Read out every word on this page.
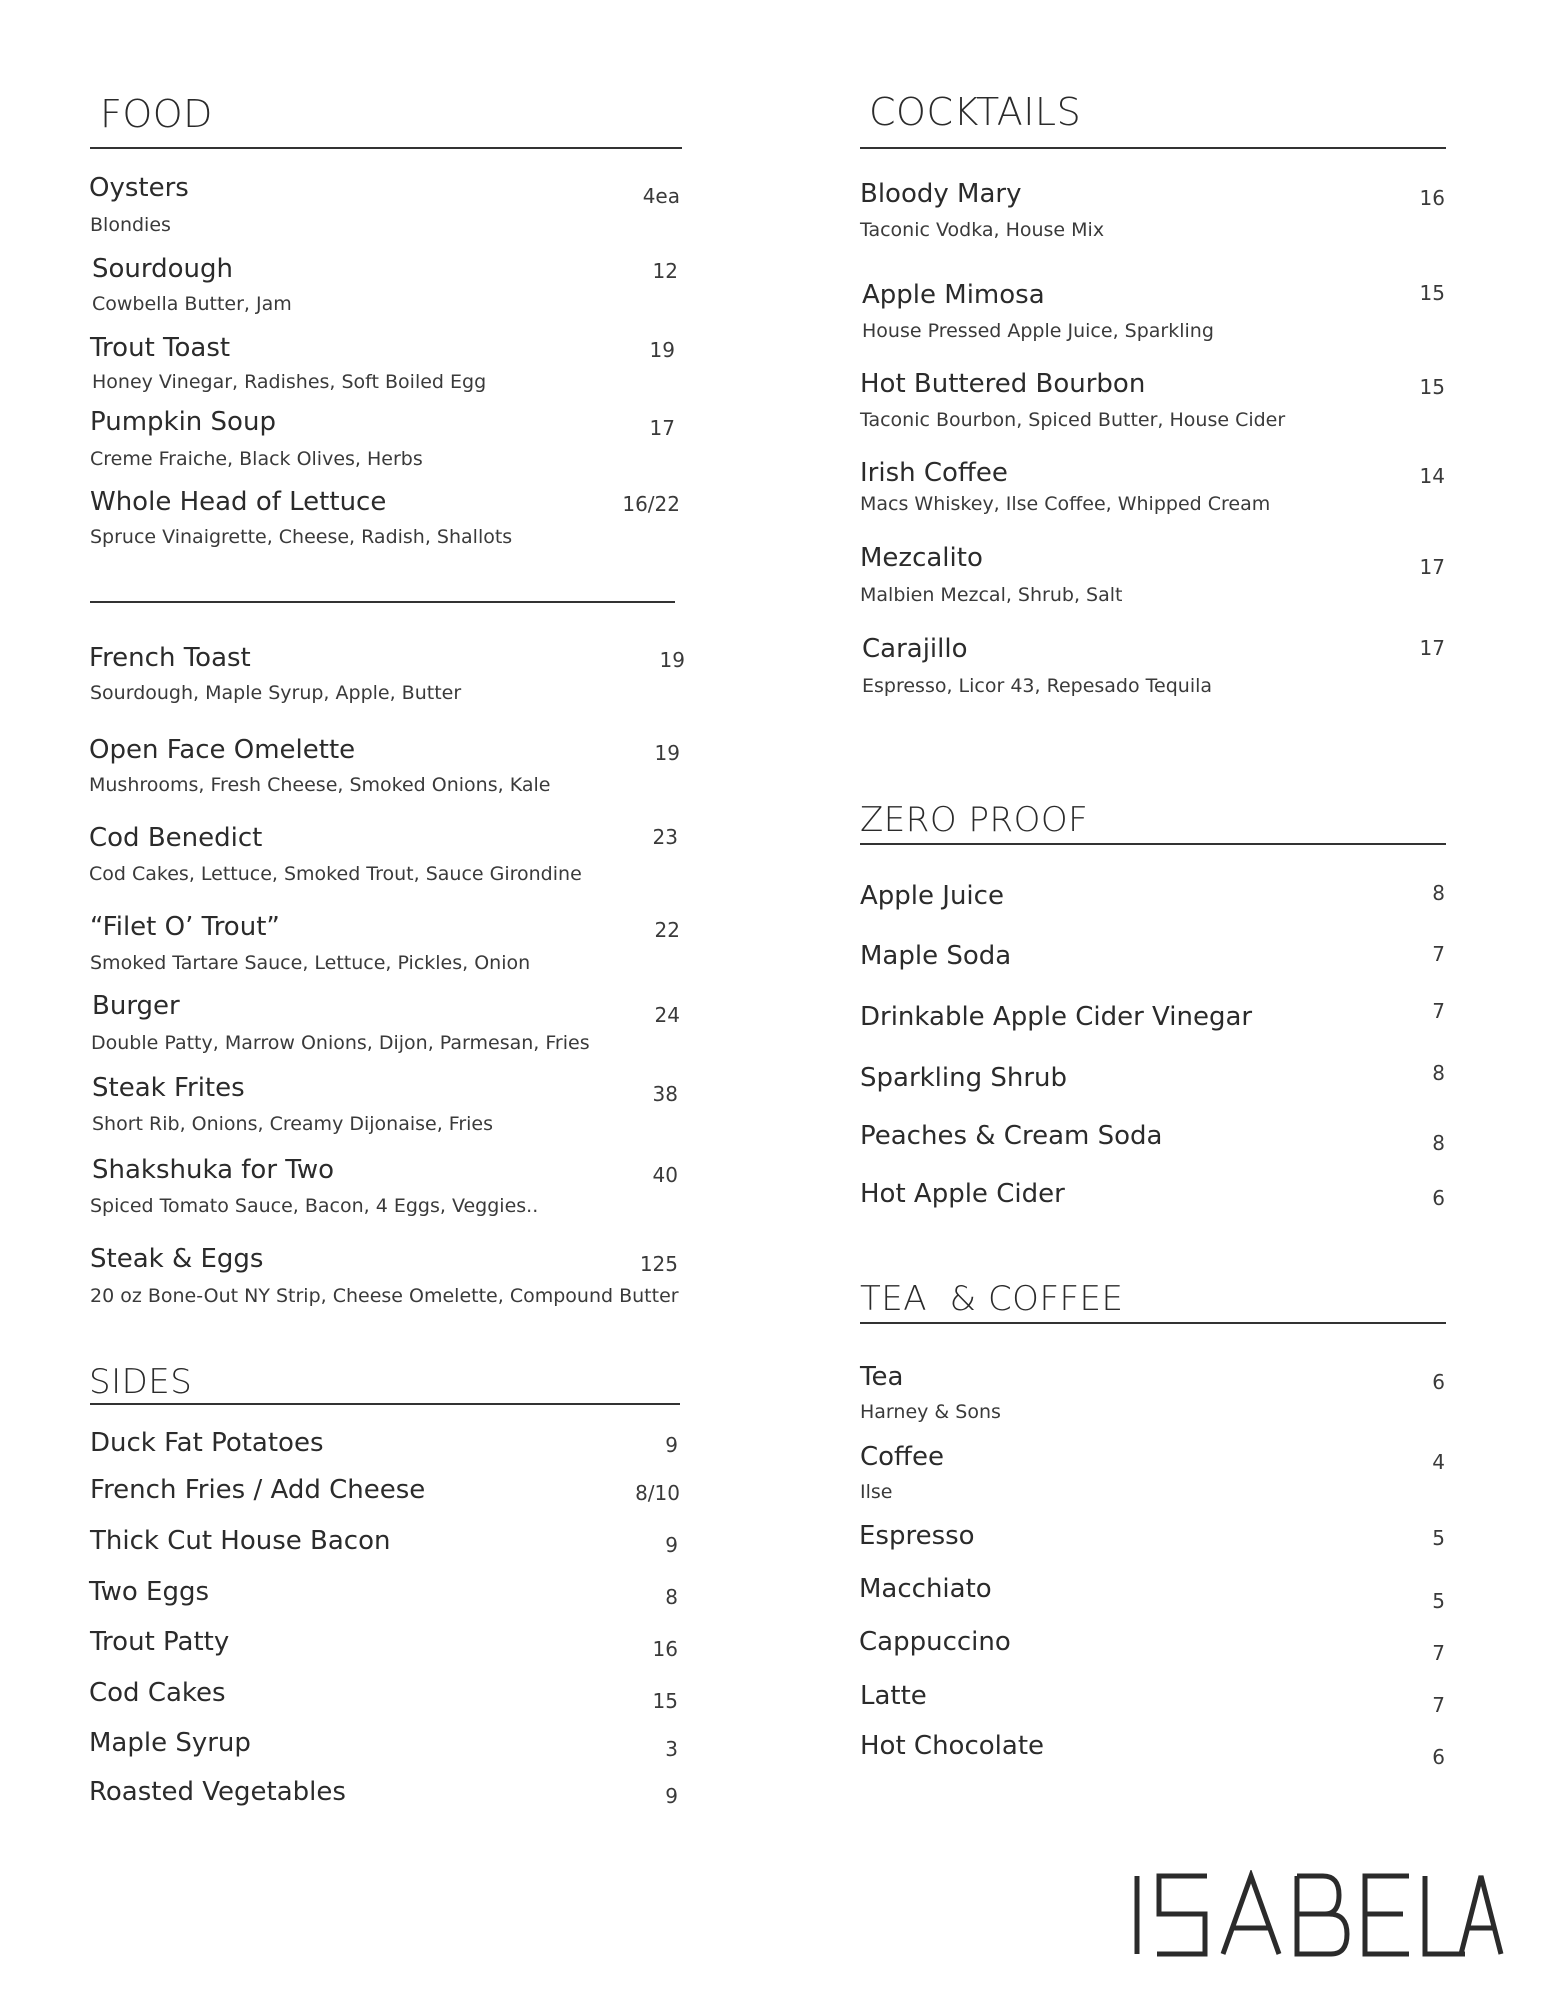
FOOD
Oysters	4ea
Blondies
Sourdough	12
Cowbella Butter, Jam
Trout Toast	19
Honey Vinegar, Radishes, Soft Boiled Egg
Pumpkin Soup	17
Creme Fraiche, Black Olives, Herbs
Whole Head of Lettuce	16/22
Spruce Vinaigrette, Cheese, Radish, Shallots
French Toast	19
Sourdough, Maple Syrup, Apple, Butter
Open Face Omelette	19
Mushrooms, Fresh Cheese, Smoked Onions, Kale
Cod Benedict	23
Cod Cakes, Lettuce, Smoked Trout, Sauce Girondine
“Filet O’ Trout”	22
Smoked Tartare Sauce, Lettuce, Pickles, Onion
Burger	24
Double Patty, Marrow Onions, Dijon, Parmesan, Fries
Steak Frites	38
Short Rib, Onions, Creamy Dijonaise, Fries
Shakshuka for Two	40
Spiced Tomato Sauce, Bacon, 4 Eggs, Veggies..
Steak & Eggs	125
20 oz Bone-Out NY Strip, Cheese Omelette, Compound Butter
SIDES
Duck Fat Potatoes	9
French Fries / Add Cheese	8/10
Thick Cut House Bacon	9
Two Eggs	8
Trout Patty	16
Cod Cakes	15
Maple Syrup	3
Roasted Vegetables	9
COCKTAILS
Bloody Mary	16
Taconic Vodka, House Mix
Apple Mimosa	15
House Pressed Apple Juice, Sparkling
Hot Buttered Bourbon	15
Taconic Bourbon, Spiced Butter, House Cider
Irish Coffee	14
Macs Whiskey, Ilse Coffee, Whipped Cream
Mezcalito	17
Malbien Mezcal, Shrub, Salt
Carajillo	17
Espresso, Licor 43, Repesado Tequila
ZERO PROOF
Apple Juice	8
Maple Soda	7
Drinkable Apple Cider Vinegar	7
Sparkling Shrub	8
Peaches & Cream Soda	8
Hot Apple Cider	6
TEA  & COFFEE
Tea	6
Harney & Sons
Coffee	4
Ilse
Espresso	5
Macchiato	5
Cappuccino	7
Latte	7
Hot Chocolate	6
